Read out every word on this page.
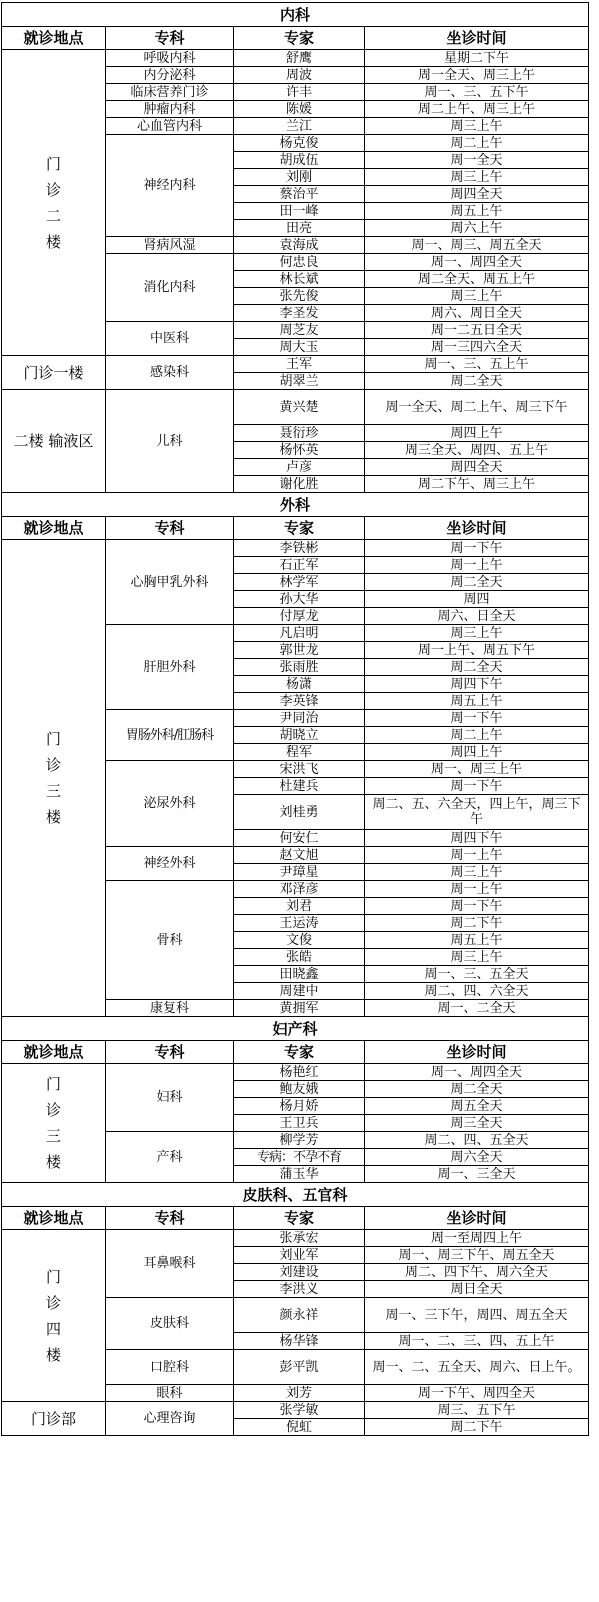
内科			
就诊地点	专科	专家	坐诊时间
门诊二楼	呼吸内科	舒鹰	星期二下午
	内分泌科	周波	周一全天、周三上午
	临床营养门诊	许丰	周一、三、五下午
	肿瘤内科	陈媛	周二上午、周三上午
	心血管内科	兰江	周三上午
	神经内科	杨克俊	周二上午
		胡成伍	周一全天
		刘刚	周三上午
		蔡治平	周四全天
		田一峰	周五上午
		田亮	周六上午
	肾病风湿	袁海成	周一、周三、周五全天
	消化内科	何忠良	周一、周四全天
		林长斌	周二全天、周五上午
		张先俊	周三上午
		李圣发	周六、周日全天
	中医科	周芝友	周一二五日全天
		周大玉	周一三四六全天
门诊一楼	感染科	王军	周一、三、五上午
		胡翠兰	周二全天
二楼 输液区	儿科	黄兴楚	周一全天、周二上午、周三下午
		聂衍珍	周四上午
		杨怀英	周三全天、周四、五上午
		卢彦	周四全天
		谢化胜	周二下午、周三上午
外科			
就诊地点	专科	专家	坐诊时间
门诊三楼	心胸甲乳外科	李铁彬	周一下午
		石正军	周一上午
		林学军	周二全天
		孙大华	周四
		付厚龙	周六、日全天
	肝胆外科	凡启明	周三上午
		郭世龙	周一上午、周五下午
		张雨胜	周二全天
		杨潇	周四下午
		李英锋	周五上午
	胃肠外科/肛肠科	尹同治	周一下午
		胡晓立	周二上午
		程军	周四上午
	泌尿外科	宋洪飞	周一、周三上午
		杜建兵	周一下午
		刘桂勇	周二、五、六全天，四上午，周三下午
		何安仁	周四下午
	神经外科	赵文旭	周一上午
		尹璋星	周三上午
	骨科	邓泽彦	周一上午
		刘君	周一下午
		王运涛	周二下午
		文俊	周五上午
		张皓	周三上午
		田晓鑫	周一、三、五全天
		周建中	周二、四、六全天
	康复科	黄拥军	周一、二全天
妇产科			
就诊地点	专科	专家	坐诊时间
门诊三楼	妇科	杨艳红	周一、周四全天
		鲍友娥	周二全天
		杨月娇	周五全天
		王卫兵	周三全天
	产科	柳学芳	周二、四、五全天
		专病：不孕不育	周六全天
		蒲玉华	周一、三全天
皮肤科、五官科			
就诊地点	专科	专家	坐诊时间
门诊四楼	耳鼻喉科	张承宏	周一至周四上午
		刘业军	周一、周三下午、周五全天
		刘建设	周二、四下午、周六全天
		李洪义	周日全天
	皮肤科	颜永祥	周一、三下午，周四、周五全天
		杨华锋	周一、二、三、四、五上午
	口腔科	彭平凯	周一、二、五全天、周六、日上午。
	眼科	刘芳	周一下午、周四全天
门诊部	心理咨询	张学敏	周三、五下午
		倪虹	周二下午
